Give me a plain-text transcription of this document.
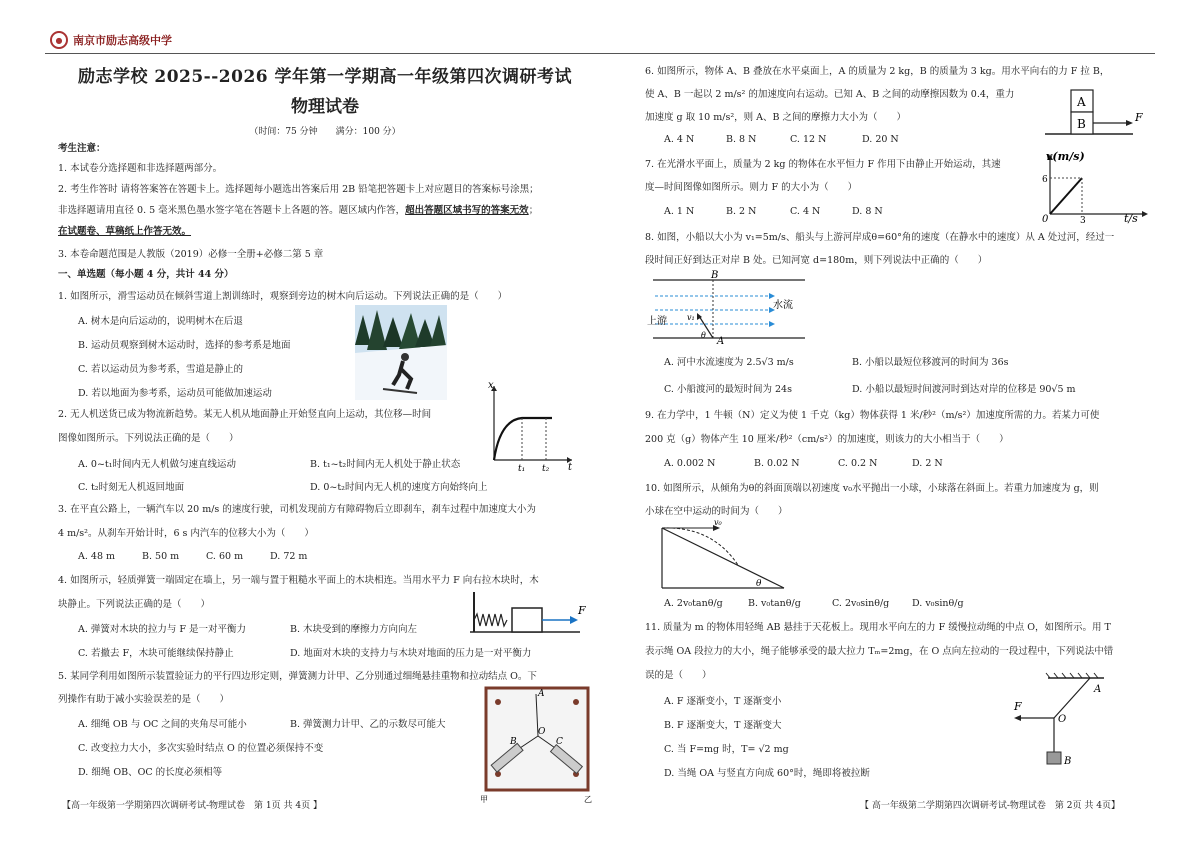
● 南京市励志高级中学
励志学校 2025--2026 学年第一学期高一年级第四次调研考试
物理试卷
（时间：75 分钟　　满分：100 分）
考生注意：
1. 本试卷分选择题和非选择题两部分。
2. 考生作答时 请将答案答在答题卡上。选择题每小题选出答案后用 2B 铅笔把答题卡上对应题目的答案标号涂黑；
非选择题请用直径 0. 5 毫米黑色墨水签字笔在答题卡上各题的答。题区域内作答，超出答题区域书写的答案无效；
在试题卷、草稿纸上作答无效。
3. 本卷命题范围是人教版（2019）必修一全册+必修二第 5 章
一、单选题（每小题 4 分，共计 44 分）
1. 如图所示，滑雪运动员在倾斜雪道上割训练时，观察到旁边的树木向后运动。下列说法正确的是（　　）
A. 树木是向后运动的，说明树木在后退
B. 运动员观察到树木运动时，选择的参考系是地面
C. 若以运动员为参考系，雪道是静止的
D. 若以地面为参考系，运动员可能做加速运动
2. 无人机送货已成为物流新趋势。某无人机从地面静止开始竖直向上运动，其位移—时间
图像如图所示。下列说法正确的是（　　）
A. 0~t₁时间内无人机做匀速直线运动	B. t₁~t₂时间内无人机处于静止状态
C. t₂时刻无人机返回地面	D. 0~t₂时间内无人机的速度方向始终向上
x
t
t₁ t₂
3. 在平直公路上，一辆汽车以 20 m/s 的速度行驶，司机发现前方有障碍物后立即刹车，刹车过程中加速度大小为
4 m/s²。从刹车开始计时，6 s 内汽车的位移大小为（　　）
A. 48 m	B. 50 m	C. 60 m	D. 72 m
4. 如图所示，轻质弹簧一端固定在墙上，另一端与置于粗糙水平面上的木块相连。当用水平力 F 向右拉木块时，木
块静止。下列说法正确的是（　　）
A. 弹簧对木块的拉力与 F 是一对平衡力	B. 木块受到的摩擦力方向向左
C. 若撤去 F，木块可能继续保持静止	D. 地面对木块的支持力与木块对地面的压力是一对平衡力
F
5. 某同学利用如图所示装置验证力的平行四边形定则，弹簧测力计甲、乙分别通过细绳悬挂重物和拉动结点 O。下
列操作有助于减小实验误差的是（　　）
A. 细绳 OB 与 OC 之间的夹角尽可能小	B. 弹簧测力计甲、乙的示数尽可能大
C. 改变拉力大小，多次实验时结点 O 的位置必须保持不变
D. 细绳 OB、OC 的长度必须相等
A
O
B	C
甲	乙
【高一年级第一学期第四次调研考试-物理试卷　第 1页 共 4页 】
6. 如图所示，物体 A、B 叠放在水平桌面上，A 的质量为 2 kg，B 的质量为 3 kg。用水平向右的力 F 拉 B，
使 A、B 一起以 2 m/s² 的加速度向右运动。已知 A、B 之间的动摩擦因数为 0.4，重力
加速度 g 取 10 m/s²，则 A、B 之间的摩擦力大小为（　　）
A. 4 N	B. 8 N	C. 12 N	D. 20 N
A
B	F
7. 在光滑水平面上，质量为 2 kg 的物体在水平恒力 F 作用下由静止开始运动，其速
度—时间图像如图所示。则力 F 的大小为（　　）
A. 1 N	B. 2 N	C. 4 N	D. 8 N
v(m/s)
t/s
6
3
0
8. 如图，小船以大小为 v₁=5m/s、船头与上游河岸成θ=60°角的速度（在静水中的速度）从 A 处过河，经过一
段时间正好到达正对岸 B 处。已知河宽 d=180m，则下列说法中正确的（　　）
B
A
水流
上游	v₁
θ
A. 河中水流速度为 2.5√3 m/s	B. 小船以最短位移渡河的时间为 36s
C. 小船渡河的最短时间为 24s	D. 小船以最短时间渡河时到达对岸的位移是 90√5 m
9. 在力学中，1 牛顿（N）定义为使 1 千克（kg）物体获得 1 米/秒²（m/s²）加速度所需的力。若某力可使
200 克（g）物体产生 10 厘米/秒²（cm/s²）的加速度，则该力的大小相当于（　　）
A. 0.002 N	B. 0.02 N	C. 0.2 N	D. 2 N
10. 如图所示，从倾角为θ的斜面顶端以初速度 v₀水平抛出一小球，小球落在斜面上。若重力加速度为 g，则
小球在空中运动的时间为（　　）
v₀
θ
A. 2v₀tanθ/g	B. v₀tanθ/g	C. 2v₀sinθ/g D. v₀sinθ/g
11. 质量为 m 的物体用轻绳 AB 悬挂于天花板上。现用水平向左的力 F 缓慢拉动绳的中点 O，如图所示。用 T
表示绳 OA 段拉力的大小，绳子能够承受的最大拉力 Tₘ=2mg，在 O 点向左拉动的一段过程中，下列说法中错
误的是（　　）
A. F 逐渐变小，T 逐渐变小
B. F 逐渐变大，T 逐渐变大
C. 当 F=mg 时，T= √2 mg
D. 当绳 OA 与竖直方向成 60°时，绳即将被拉断
A
O
F
B
【 高一年级第二学期第四次调研考试-物理试卷　第 2页 共 4页】
